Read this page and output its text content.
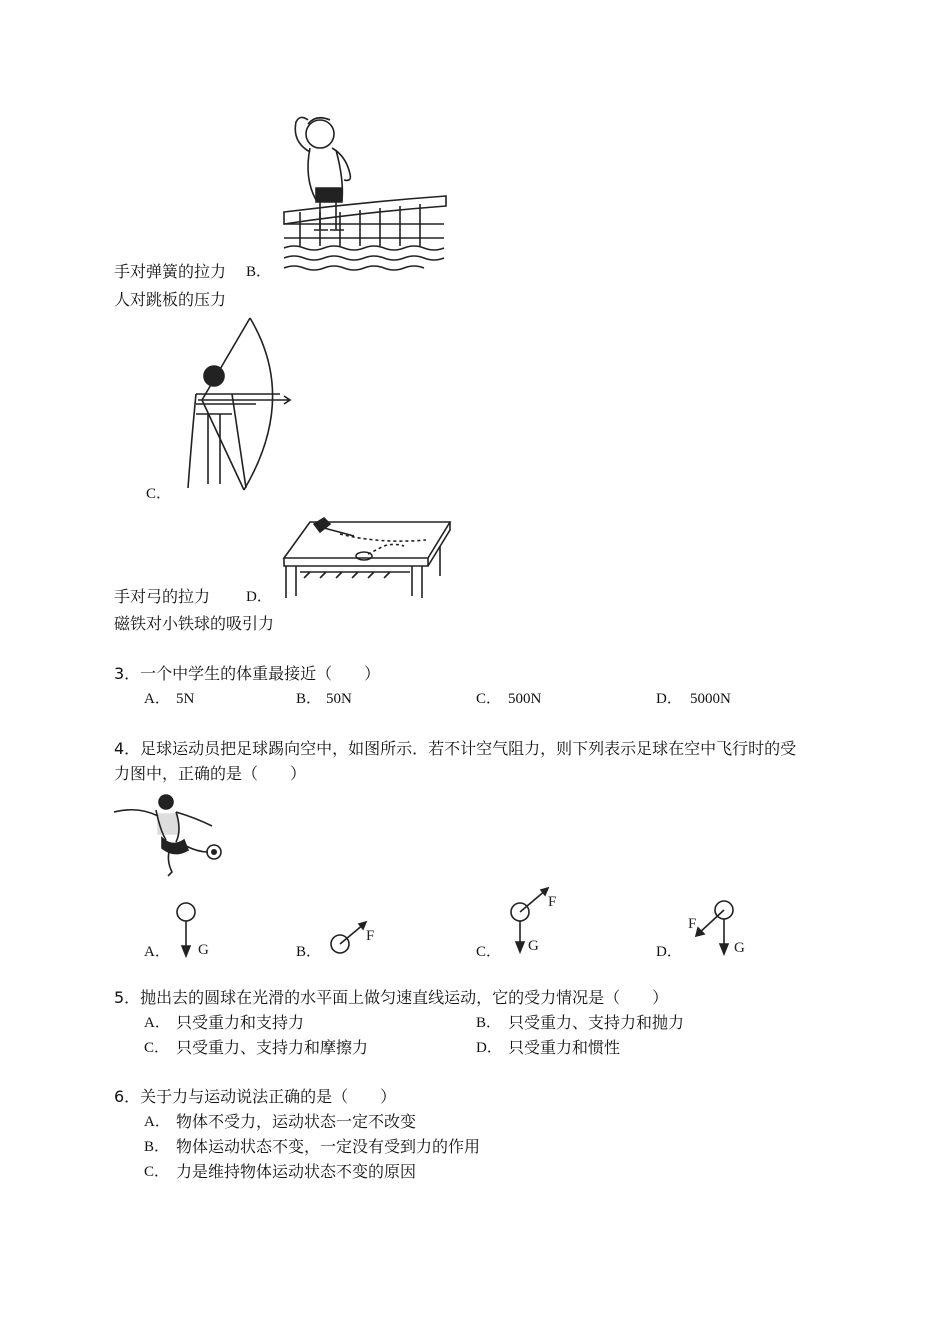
手对弹簧的拉力 B．
人对跳板的压力
C．
手对弓的拉力 D．
磁铁对小铁球的吸引力
3．一个中学生的体重最接近（　　）
A． 5N	B． 50N	C． 500N	D． 5000N
4．足球运动员把足球踢向空中，如图所示．若不计空气阻力，则下列表示足球在空中飞行时的受
力图中，正确的是（　　）
A． G	B．
F
C．
F
G	D．
F
G
5．抛出去的圆球在光滑的水平面上做匀速直线运动，它的受力情况是（　　）
A． 只受重力和支持力	B． 只受重力、支持力和抛力
C． 只受重力、支持力和摩擦力	D． 只受重力和惯性
6．关于力与运动说法正确的是（　　）
A． 物体不受力，运动状态一定不改变
B． 物体运动状态不变，一定没有受到力的作用
C． 力是维持物体运动状态不变的原因
